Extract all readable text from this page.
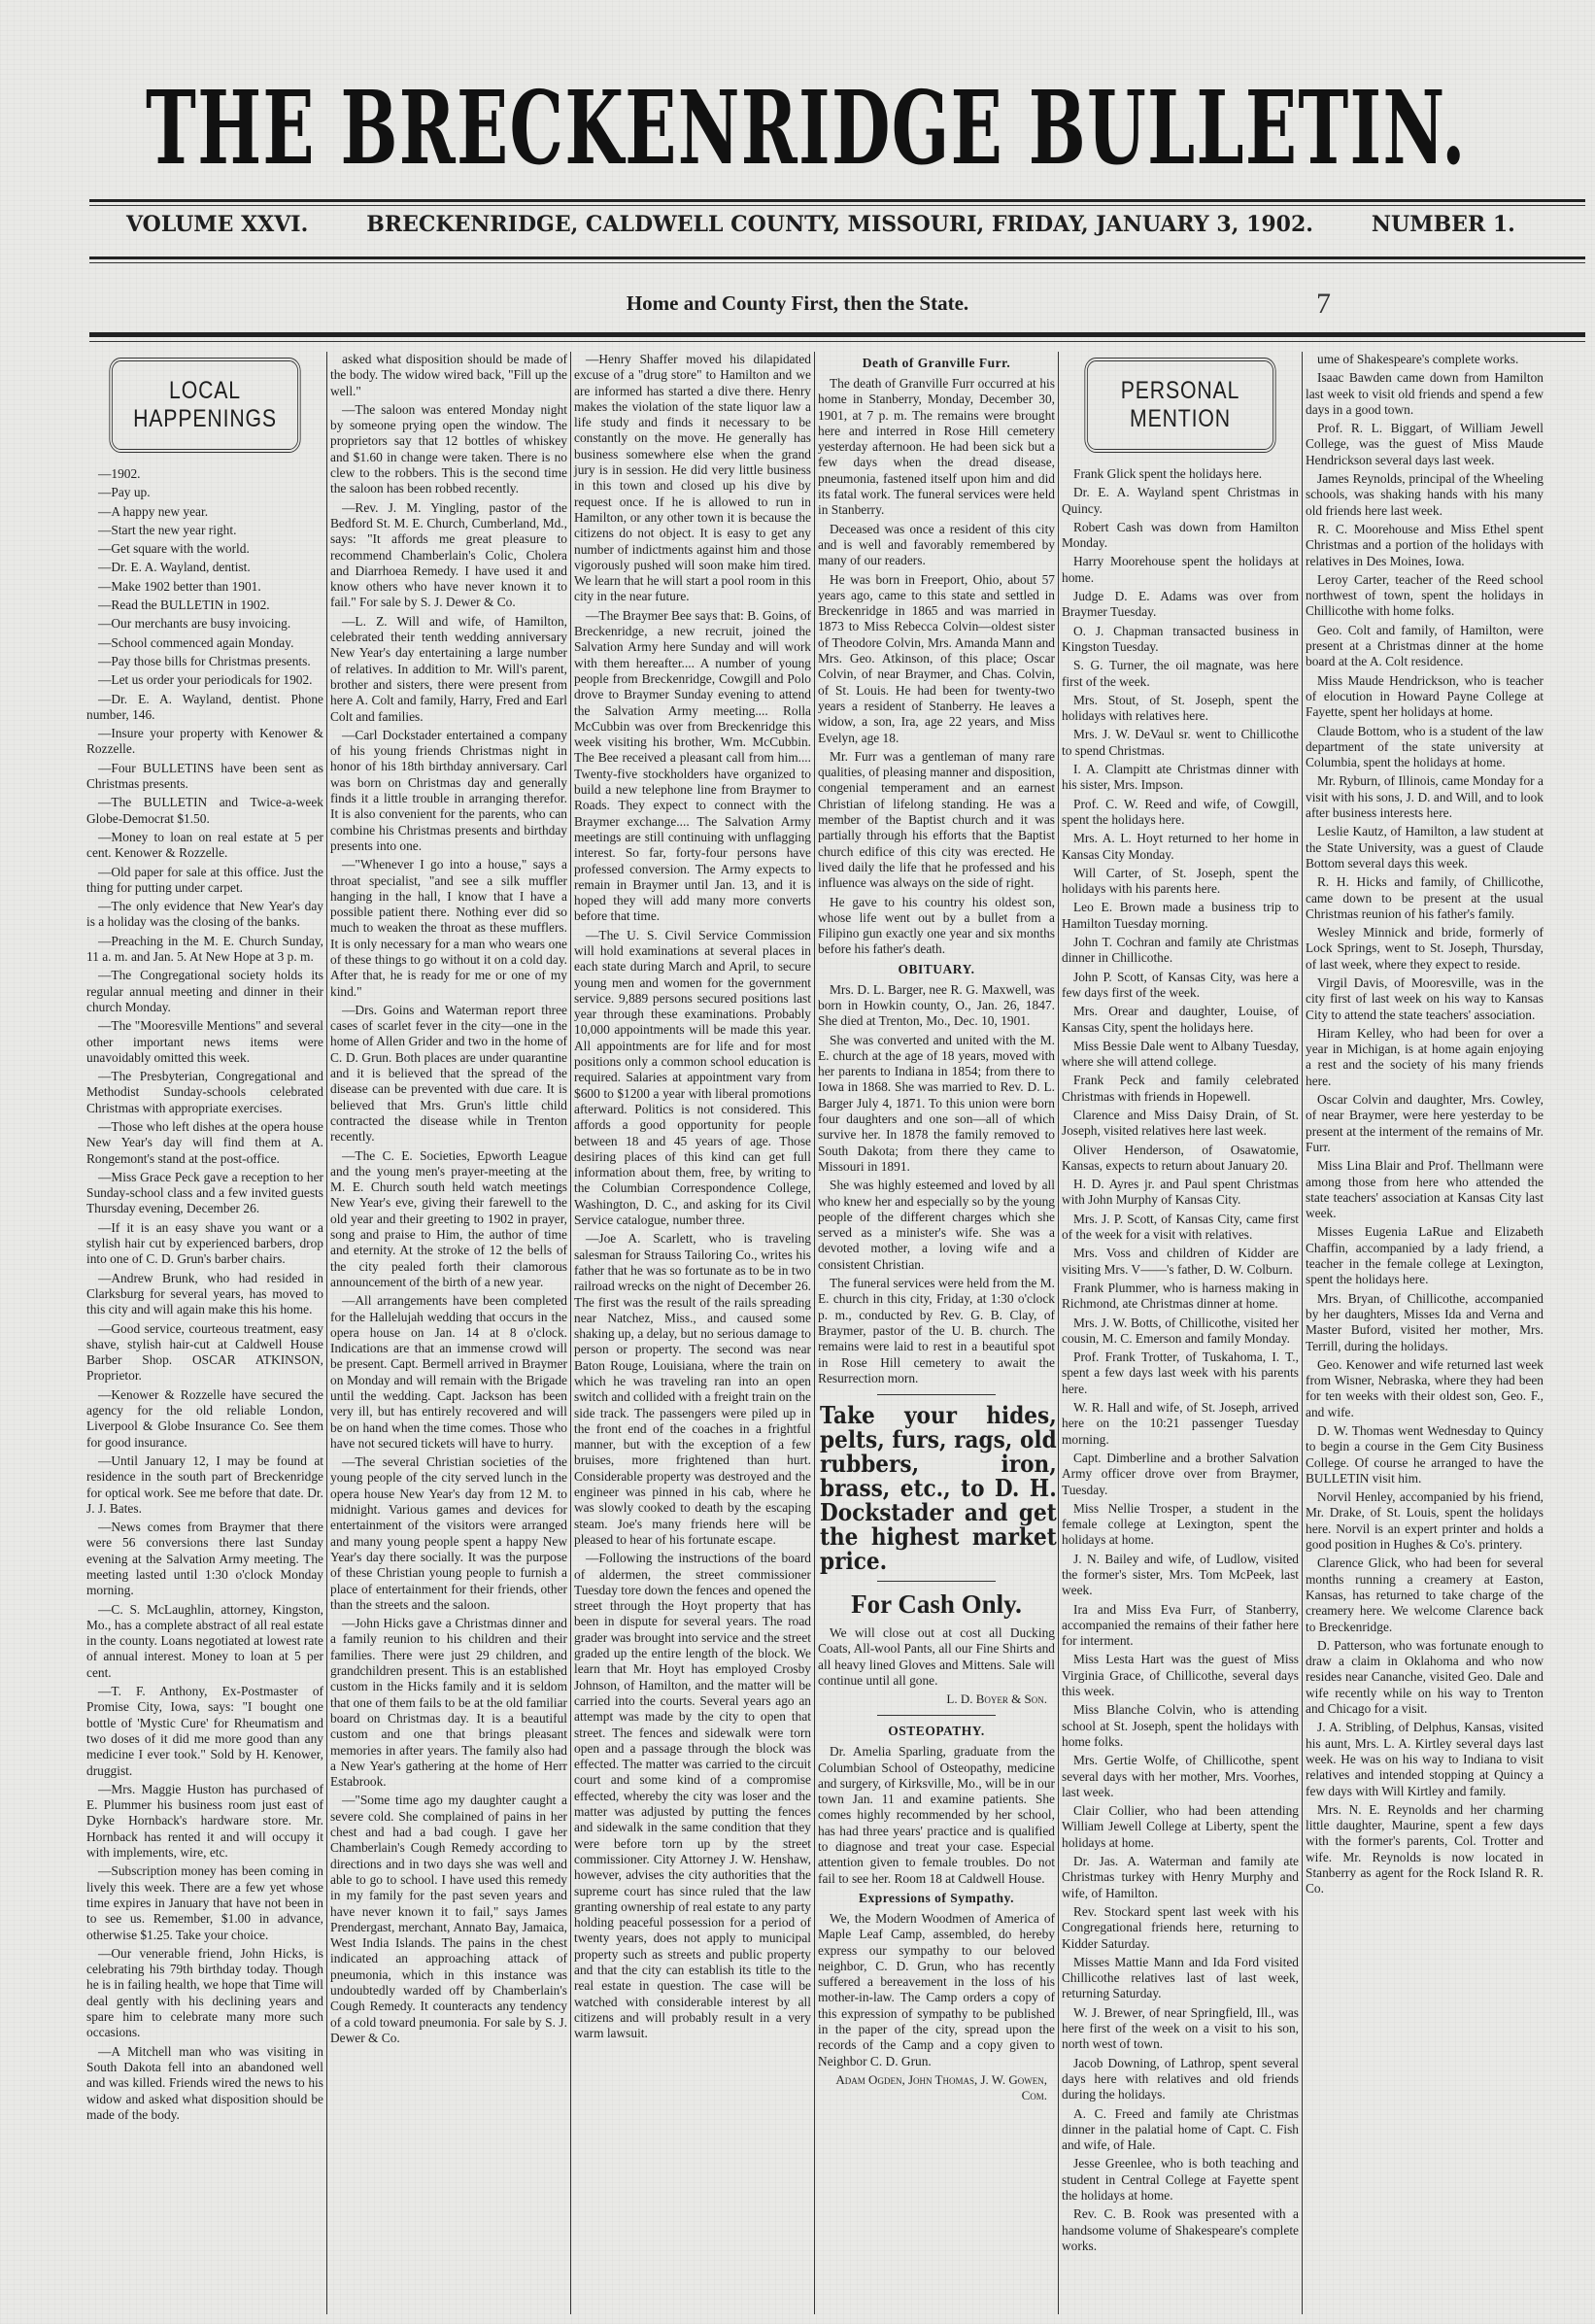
THE BRECKENRIDGE BULLETIN.
VOLUME XXVI.	BRECKENRIDGE, CALDWELL COUNTY, MISSOURI, FRIDAY, JANUARY 3, 1902.	NUMBER 1.
Home and County First, then the State.	7
LOCAL HAPPENINGS

—1902.

—Pay up.

—A happy new year.

—Start the new year right.

—Get square with the world.

—Dr. E. A. Wayland, dentist.

—Make 1902 better than 1901.

—Read the BULLETIN in 1902.

—Our merchants are busy invoicing.

—School commenced again Monday.

—Pay those bills for Christmas presents.

—Let us order your periodicals for 1902.

—Dr. E. A. Wayland, dentist. Phone number, 146.

—Insure your property with Kenower & Rozzelle.

—Four BULLETINS have been sent as Christmas presents.

—The BULLETIN and Twice-a-week Globe-Democrat $1.50.

—Money to loan on real estate at 5 per cent. Kenower & Rozzelle.

—Old paper for sale at this office. Just the thing for putting under carpet.

—The only evidence that New Year's day is a holiday was the closing of the banks.

—Preaching in the M. E. Church Sunday, 11 a. m. and Jan. 5. At New Hope at 3 p. m.

—The Congregational society holds its regular annual meeting and dinner in their church Monday.

—The "Mooresville Mentions" and several other important news items were unavoidably omitted this week.

—The Presbyterian, Congregational and Methodist Sunday-schools celebrated Christmas with appropriate exercises.

—Those who left dishes at the opera house New Year's day will find them at A. Rongemont's stand at the post-office.

—Miss Grace Peck gave a reception to her Sunday-school class and a few invited guests Thursday evening, December 26.

—If it is an easy shave you want or a stylish hair cut by experienced barbers, drop into one of C. D. Grun's barber chairs.

—Andrew Brunk, who had resided in Clarksburg for several years, has moved to this city and will again make this his home.

—Good service, courteous treatment, easy shave, stylish hair-cut at Caldwell House Barber Shop. OSCAR ATKINSON, Proprietor.

—Kenower & Rozzelle have secured the agency for the old reliable London, Liverpool & Globe Insurance Co. See them for good insurance.

—Until January 12, I may be found at residence in the south part of Breckenridge for optical work. See me before that date. Dr. J. J. Bates.

—News comes from Braymer that there were 56 conversions there last Sunday evening at the Salvation Army meeting. The meeting lasted until 1:30 o'clock Monday morning.

—C. S. McLaughlin, attorney, Kingston, Mo., has a complete abstract of all real estate in the county. Loans negotiated at lowest rate of annual interest. Money to loan at 5 per cent.

—T. F. Anthony, Ex-Postmaster of Promise City, Iowa, says: "I bought one bottle of 'Mystic Cure' for Rheumatism and two doses of it did me more good than any medicine I ever took." Sold by H. Kenower, druggist.

—Mrs. Maggie Huston has purchased of E. Plummer his business room just east of Dyke Hornback's hardware store. Mr. Hornback has rented it and will occupy it with implements, wire, etc.

—Subscription money has been coming in lively this week. There are a few yet whose time expires in January that have not been in to see us. Remember, $1.00 in advance, otherwise $1.25. Take your choice.

—Our venerable friend, John Hicks, is celebrating his 79th birthday today. Though he is in failing health, we hope that Time will deal gently with his declining years and spare him to celebrate many more such occasions.

—A Mitchell man who was visiting in South Dakota fell into an abandoned well and was killed. Friends wired the news to his widow and asked what disposition should be made of the body.

asked what disposition should be made of the body. The widow wired back, "Fill up the well."

—The saloon was entered Monday night by someone prying open the window. The proprietors say that 12 bottles of whiskey and $1.60 in change were taken. There is no clew to the robbers. This is the second time the saloon has been robbed recently.

—Rev. J. M. Yingling, pastor of the Bedford St. M. E. Church, Cumberland, Md., says: "It affords me great pleasure to recommend Chamberlain's Colic, Cholera and Diarrhoea Remedy. I have used it and know others who have never known it to fail." For sale by S. J. Dewer & Co.

—L. Z. Will and wife, of Hamilton, celebrated their tenth wedding anniversary New Year's day entertaining a large number of relatives. In addition to Mr. Will's parent, brother and sisters, there were present from here A. Colt and family, Harry, Fred and Earl Colt and families.

—Carl Dockstader entertained a company of his young friends Christmas night in honor of his 18th birthday anniversary. Carl was born on Christmas day and generally finds it a little trouble in arranging therefor. It is also convenient for the parents, who can combine his Christmas presents and birthday presents into one.

—"Whenever I go into a house," says a throat specialist, "and see a silk muffler hanging in the hall, I know that I have a possible patient there. Nothing ever did so much to weaken the throat as these mufflers. It is only necessary for a man who wears one of these things to go without it on a cold day. After that, he is ready for me or one of my kind."

—Drs. Goins and Waterman report three cases of scarlet fever in the city—one in the home of Allen Grider and two in the home of C. D. Grun. Both places are under quarantine and it is believed that the spread of the disease can be prevented with due care. It is believed that Mrs. Grun's little child contracted the disease while in Trenton recently.

—The C. E. Societies, Epworth League and the young men's prayer-meeting at the M. E. Church south held watch meetings New Year's eve, giving their farewell to the old year and their greeting to 1902 in prayer, song and praise to Him, the author of time and eternity. At the stroke of 12 the bells of the city pealed forth their clamorous announcement of the birth of a new year.

—All arrangements have been completed for the Hallelujah wedding that occurs in the opera house on Jan. 14 at 8 o'clock. Indications are that an immense crowd will be present. Capt. Bermell arrived in Braymer on Monday and will remain with the Brigade until the wedding. Capt. Jackson has been very ill, but has entirely recovered and will be on hand when the time comes. Those who have not secured tickets will have to hurry.

—The several Christian societies of the young people of the city served lunch in the opera house New Year's day from 12 M. to midnight. Various games and devices for entertainment of the visitors were arranged and many young people spent a happy New Year's day there socially. It was the purpose of these Christian young people to furnish a place of entertainment for their friends, other than the streets and the saloon.

—John Hicks gave a Christmas dinner and a family reunion to his children and their families. There were just 29 children, and grandchildren present. This is an established custom in the Hicks family and it is seldom that one of them fails to be at the old familiar board on Christmas day. It is a beautiful custom and one that brings pleasant memories in after years. The family also had a New Year's gathering at the home of Herr Estabrook.

—"Some time ago my daughter caught a severe cold. She complained of pains in her chest and had a bad cough. I gave her Chamberlain's Cough Remedy according to directions and in two days she was well and able to go to school. I have used this remedy in my family for the past seven years and have never known it to fail," says James Prendergast, merchant, Annato Bay, Jamaica, West India Islands. The pains in the chest indicated an approaching attack of pneumonia, which in this instance was undoubtedly warded off by Chamberlain's Cough Remedy. It counteracts any tendency of a cold toward pneumonia. For sale by S. J. Dewer & Co.

—Henry Shaffer moved his dilapidated excuse of a "drug store" to Hamilton and we are informed has started a dive there. Henry makes the violation of the state liquor law a life study and finds it necessary to be constantly on the move. He generally has business somewhere else when the grand jury is in session. He did very little business in this town and closed up his dive by request once. If he is allowed to run in Hamilton, or any other town it is because the citizens do not object. It is easy to get any number of indictments against him and those vigorously pushed will soon make him tired. We learn that he will start a pool room in this city in the near future.

—The Braymer Bee says that: B. Goins, of Breckenridge, a new recruit, joined the Salvation Army here Sunday and will work with them hereafter.... A number of young people from Breckenridge, Cowgill and Polo drove to Braymer Sunday evening to attend the Salvation Army meeting.... Rolla McCubbin was over from Breckenridge this week visiting his brother, Wm. McCubbin. The Bee received a pleasant call from him.... Twenty-five stockholders have organized to build a new telephone line from Braymer to Roads. They expect to connect with the Braymer exchange.... The Salvation Army meetings are still continuing with unflagging interest. So far, forty-four persons have professed conversion. The Army expects to remain in Braymer until Jan. 13, and it is hoped they will add many more converts before that time.

—The U. S. Civil Service Commission will hold examinations at several places in each state during March and April, to secure young men and women for the government service. 9,889 persons secured positions last year through these examinations. Probably 10,000 appointments will be made this year. All appointments are for life and for most positions only a common school education is required. Salaries at appointment vary from $600 to $1200 a year with liberal promotions afterward. Politics is not considered. This affords a good opportunity for people between 18 and 45 years of age. Those desiring places of this kind can get full information about them, free, by writing to the Columbian Correspondence College, Washington, D. C., and asking for its Civil Service catalogue, number three.

—Joe A. Scarlett, who is traveling salesman for Strauss Tailoring Co., writes his father that he was so fortunate as to be in two railroad wrecks on the night of December 26. The first was the result of the rails spreading near Natchez, Miss., and caused some shaking up, a delay, but no serious damage to person or property. The second was near Baton Rouge, Louisiana, where the train on which he was traveling ran into an open switch and collided with a freight train on the side track. The passengers were piled up in the front end of the coaches in a frightful manner, but with the exception of a few bruises, more frightened than hurt. Considerable property was destroyed and the engineer was pinned in his cab, where he was slowly cooked to death by the escaping steam. Joe's many friends here will be pleased to hear of his fortunate escape.

—Following the instructions of the board of aldermen, the street commissioner Tuesday tore down the fences and opened the street through the Hoyt property that has been in dispute for several years. The road grader was brought into service and the street graded up the entire length of the block. We learn that Mr. Hoyt has employed Crosby Johnson, of Hamilton, and the matter will be carried into the courts. Several years ago an attempt was made by the city to open that street. The fences and sidewalk were torn open and a passage through the block was effected. The matter was carried to the circuit court and some kind of a compromise effected, whereby the city was loser and the matter was adjusted by putting the fences and sidewalk in the same condition that they were before torn up by the street commissioner. City Attorney J. W. Henshaw, however, advises the city authorities that the supreme court has since ruled that the law granting ownership of real estate to any party holding peaceful possession for a period of twenty years, does not apply to municipal property such as streets and public property and that the city can establish its title to the real estate in question. The case will be watched with considerable interest by all citizens and will probably result in a very warm lawsuit.

Death of Granville Furr.

The death of Granville Furr occurred at his home in Stanberry, Monday, December 30, 1901, at 7 p. m. The remains were brought here and interred in Rose Hill cemetery yesterday afternoon. He had been sick but a few days when the dread disease, pneumonia, fastened itself upon him and did its fatal work. The funeral services were held in Stanberry.

Deceased was once a resident of this city and is well and favorably remembered by many of our readers.

He was born in Freeport, Ohio, about 57 years ago, came to this state and settled in Breckenridge in 1865 and was married in 1873 to Miss Rebecca Colvin—oldest sister of Theodore Colvin, Mrs. Amanda Mann and Mrs. Geo. Atkinson, of this place; Oscar Colvin, of near Braymer, and Chas. Colvin, of St. Louis. He had been for twenty-two years a resident of Stanberry. He leaves a widow, a son, Ira, age 22 years, and Miss Evelyn, age 18.

Mr. Furr was a gentleman of many rare qualities, of pleasing manner and disposition, congenial temperament and an earnest Christian of lifelong standing. He was a member of the Baptist church and it was partially through his efforts that the Baptist church edifice of this city was erected. He lived daily the life that he professed and his influence was always on the side of right.

He gave to his country his oldest son, whose life went out by a bullet from a Filipino gun exactly one year and six months before his father's death.

OBITUARY.

Mrs. D. L. Barger, nee R. G. Maxwell, was born in Howkin county, O., Jan. 26, 1847. She died at Trenton, Mo., Dec. 10, 1901.

She was converted and united with the M. E. church at the age of 18 years, moved with her parents to Indiana in 1854; from there to Iowa in 1868. She was married to Rev. D. L. Barger July 4, 1871. To this union were born four daughters and one son—all of which survive her. In 1878 the family removed to South Dakota; from there they came to Missouri in 1891.

She was highly esteemed and loved by all who knew her and especially so by the young people of the different charges which she served as a minister's wife. She was a devoted mother, a loving wife and a consistent Christian.

The funeral services were held from the M. E. church in this city, Friday, at 1:30 o'clock p. m., conducted by Rev. G. B. Clay, of Braymer, pastor of the U. B. church. The remains were laid to rest in a beautiful spot in Rose Hill cemetery to await the Resurrection morn.

Take your hides, pelts, furs, rags, old rubbers, iron, brass, etc., to D. H. Dockstader and get the highest market price.
For Cash Only.

We will close out at cost all Ducking Coats, All-wool Pants, all our Fine Shirts and all heavy lined Gloves and Mittens. Sale will continue until all gone.

L. D. Boyer & Son.
OSTEOPATHY.

Dr. Amelia Sparling, graduate from the Columbian School of Osteopathy, medicine and surgery, of Kirksville, Mo., will be in our town Jan. 11 and examine patients. She comes highly recommended by her school, has had three years' practice and is qualified to diagnose and treat your case. Especial attention given to female troubles. Do not fail to see her. Room 18 at Caldwell House.

Expressions of Sympathy.

We, the Modern Woodmen of America of Maple Leaf Camp, assembled, do hereby express our sympathy to our beloved neighbor, C. D. Grun, who has recently suffered a bereavement in the loss of his mother-in-law. The Camp orders a copy of this expression of sympathy to be published in the paper of the city, spread upon the records of the Camp and a copy given to Neighbor C. D. Grun.

Adam Ogden, John Thomas, J. W. Gowen, Com.
PERSONAL MENTION

Frank Glick spent the holidays here.

Dr. E. A. Wayland spent Christmas in Quincy.

Robert Cash was down from Hamilton Monday.

Harry Moorehouse spent the holidays at home.

Judge D. E. Adams was over from Braymer Tuesday.

O. J. Chapman transacted business in Kingston Tuesday.

S. G. Turner, the oil magnate, was here first of the week.

Mrs. Stout, of St. Joseph, spent the holidays with relatives here.

Mrs. J. W. DeVaul sr. went to Chillicothe to spend Christmas.

I. A. Clampitt ate Christmas dinner with his sister, Mrs. Impson.

Prof. C. W. Reed and wife, of Cowgill, spent the holidays here.

Mrs. A. L. Hoyt returned to her home in Kansas City Monday.

Will Carter, of St. Joseph, spent the holidays with his parents here.

Leo E. Brown made a business trip to Hamilton Tuesday morning.

John T. Cochran and family ate Christmas dinner in Chillicothe.

John P. Scott, of Kansas City, was here a few days first of the week.

Mrs. Orear and daughter, Louise, of Kansas City, spent the holidays here.

Miss Bessie Dale went to Albany Tuesday, where she will attend college.

Frank Peck and family celebrated Christmas with friends in Hopewell.

Clarence and Miss Daisy Drain, of St. Joseph, visited relatives here last week.

Oliver Henderson, of Osawatomie, Kansas, expects to return about January 20.

H. D. Ayres jr. and Paul spent Christmas with John Murphy of Kansas City.

Mrs. J. P. Scott, of Kansas City, came first of the week for a visit with relatives.

Mrs. Voss and children of Kidder are visiting Mrs. V——'s father, D. W. Colburn.

Frank Plummer, who is harness making in Richmond, ate Christmas dinner at home.

Mrs. J. W. Botts, of Chillicothe, visited her cousin, M. C. Emerson and family Monday.

Prof. Frank Trotter, of Tuskahoma, I. T., spent a few days last week with his parents here.

W. R. Hall and wife, of St. Joseph, arrived here on the 10:21 passenger Tuesday morning.

Capt. Dimberline and a brother Salvation Army officer drove over from Braymer, Tuesday.

Miss Nellie Trosper, a student in the female college at Lexington, spent the holidays at home.

J. N. Bailey and wife, of Ludlow, visited the former's sister, Mrs. Tom McPeek, last week.

Ira and Miss Eva Furr, of Stanberry, accompanied the remains of their father here for interment.

Miss Lesta Hart was the guest of Miss Virginia Grace, of Chillicothe, several days this week.

Miss Blanche Colvin, who is attending school at St. Joseph, spent the holidays with home folks.

Mrs. Gertie Wolfe, of Chillicothe, spent several days with her mother, Mrs. Voorhes, last week.

Clair Collier, who had been attending William Jewell College at Liberty, spent the holidays at home.

Dr. Jas. A. Waterman and family ate Christmas turkey with Henry Murphy and wife, of Hamilton.

Rev. Stockard spent last week with his Congregational friends here, returning to Kidder Saturday.

Misses Mattie Mann and Ida Ford visited Chillicothe relatives last of last week, returning Saturday.

W. J. Brewer, of near Springfield, Ill., was here first of the week on a visit to his son, north west of town.

Jacob Downing, of Lathrop, spent several days here with relatives and old friends during the holidays.

A. C. Freed and family ate Christmas dinner in the palatial home of Capt. C. Fish and wife, of Hale.

Jesse Greenlee, who is both teaching and student in Central College at Fayette spent the holidays at home.

Rev. C. B. Rook was presented with a handsome volume of Shakespeare's complete works.

ume of Shakespeare's complete works.

Isaac Bawden came down from Hamilton last week to visit old friends and spend a few days in a good town.

Prof. R. L. Biggart, of William Jewell College, was the guest of Miss Maude Hendrickson several days last week.

James Reynolds, principal of the Wheeling schools, was shaking hands with his many old friends here last week.

R. C. Moorehouse and Miss Ethel spent Christmas and a portion of the holidays with relatives in Des Moines, Iowa.

Leroy Carter, teacher of the Reed school northwest of town, spent the holidays in Chillicothe with home folks.

Geo. Colt and family, of Hamilton, were present at a Christmas dinner at the home board at the A. Colt residence.

Miss Maude Hendrickson, who is teacher of elocution in Howard Payne College at Fayette, spent her holidays at home.

Claude Bottom, who is a student of the law department of the state university at Columbia, spent the holidays at home.

Mr. Ryburn, of Illinois, came Monday for a visit with his sons, J. D. and Will, and to look after business interests here.

Leslie Kautz, of Hamilton, a law student at the State University, was a guest of Claude Bottom several days this week.

R. H. Hicks and family, of Chillicothe, came down to be present at the usual Christmas reunion of his father's family.

Wesley Minnick and bride, formerly of Lock Springs, went to St. Joseph, Thursday, of last week, where they expect to reside.

Virgil Davis, of Mooresville, was in the city first of last week on his way to Kansas City to attend the state teachers' association.

Hiram Kelley, who had been for over a year in Michigan, is at home again enjoying a rest and the society of his many friends here.

Oscar Colvin and daughter, Mrs. Cowley, of near Braymer, were here yesterday to be present at the interment of the remains of Mr. Furr.

Miss Lina Blair and Prof. Thellmann were among those from here who attended the state teachers' association at Kansas City last week.

Misses Eugenia LaRue and Elizabeth Chaffin, accompanied by a lady friend, a teacher in the female college at Lexington, spent the holidays here.

Mrs. Bryan, of Chillicothe, accompanied by her daughters, Misses Ida and Verna and Master Buford, visited her mother, Mrs. Terrill, during the holidays.

Geo. Kenower and wife returned last week from Wisner, Nebraska, where they had been for ten weeks with their oldest son, Geo. F., and wife.

D. W. Thomas went Wednesday to Quincy to begin a course in the Gem City Business College. Of course he arranged to have the BULLETIN visit him.

Norvil Henley, accompanied by his friend, Mr. Drake, of St. Louis, spent the holidays here. Norvil is an expert printer and holds a good position in Hughes & Co's. printery.

Clarence Glick, who had been for several months running a creamery at Easton, Kansas, has returned to take charge of the creamery here. We welcome Clarence back to Breckenridge.

D. Patterson, who was fortunate enough to draw a claim in Oklahoma and who now resides near Cananche, visited Geo. Dale and wife recently while on his way to Trenton and Chicago for a visit.

J. A. Stribling, of Delphus, Kansas, visited his aunt, Mrs. L. A. Kirtley several days last week. He was on his way to Indiana to visit relatives and intended stopping at Quincy a few days with Will Kirtley and family.

Mrs. N. E. Reynolds and her charming little daughter, Maurine, spent a few days with the former's parents, Col. Trotter and wife. Mr. Reynolds is now located in Stanberry as agent for the Rock Island R. R. Co.
